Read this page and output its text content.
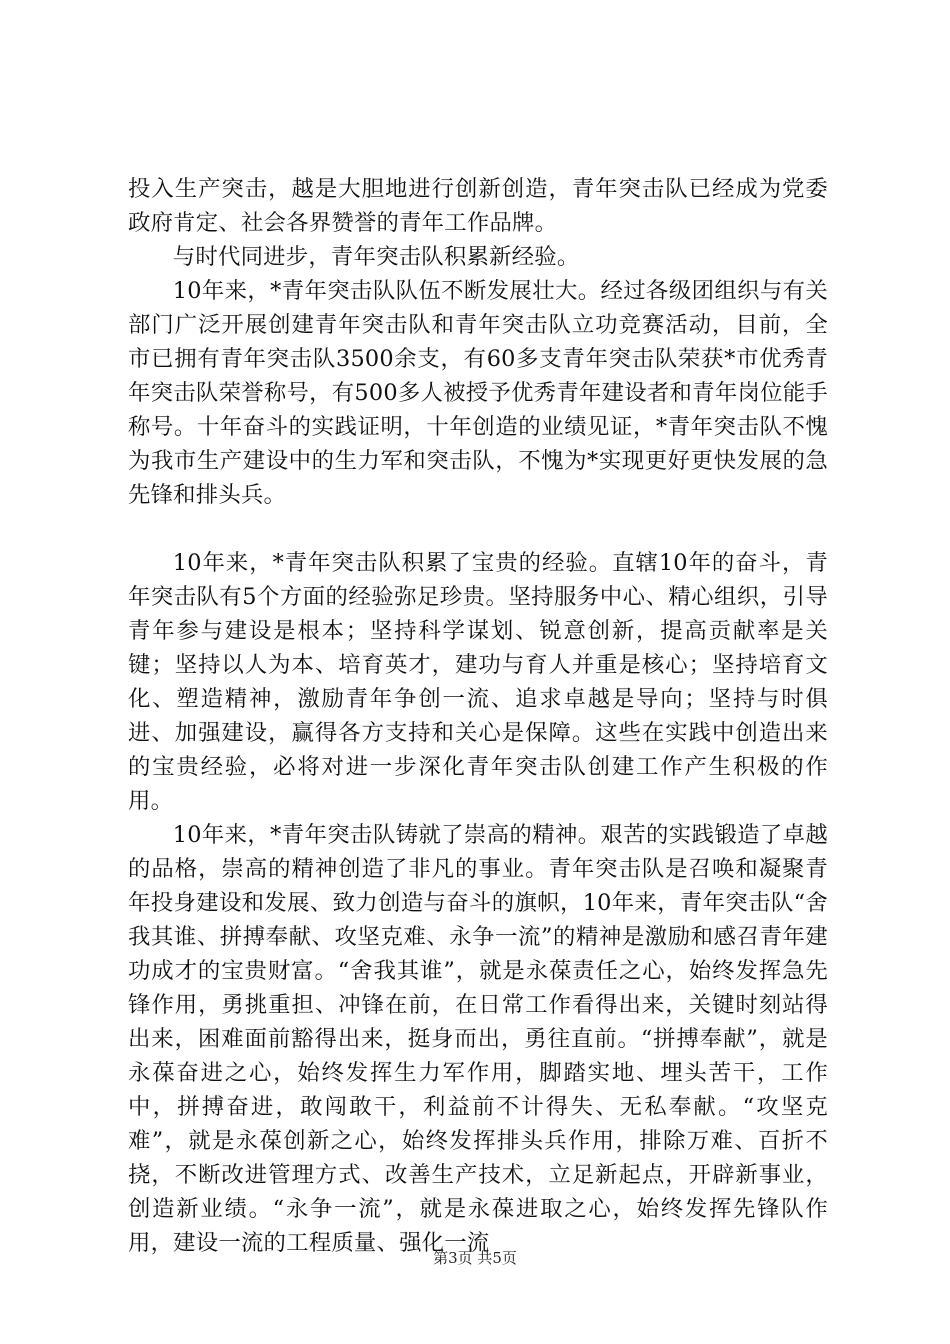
投入生产突击，越是大胆地进行创新创造，青年突击队已经成为党委政府肯定、社会各界赞誉的青年工作品牌。

与时代同进步，青年突击队积累新经验。

10年来，*青年突击队队伍不断发展壮大。经过各级团组织与有关部门广泛开展创建青年突击队和青年突击队立功竞赛活动，目前，全市已拥有青年突击队3500余支，有60多支青年突击队荣获*市优秀青年突击队荣誉称号，有500多人被授予优秀青年建设者和青年岗位能手称号。十年奋斗的实践证明，十年创造的业绩见证，*青年突击队不愧为我市生产建设中的生力军和突击队，不愧为*实现更好更快发展的急先锋和排头兵。

10年来，*青年突击队积累了宝贵的经验。直辖10年的奋斗，青年突击队有5个方面的经验弥足珍贵。坚持服务中心、精心组织，引导青年参与建设是根本；坚持科学谋划、锐意创新，提高贡献率是关键；坚持以人为本、培育英才，建功与育人并重是核心；坚持培育文化、塑造精神，激励青年争创一流、追求卓越是导向；坚持与时俱进、加强建设，赢得各方支持和关心是保障。这些在实践中创造出来的宝贵经验，必将对进一步深化青年突击队创建工作产生积极的作用。

10年来，*青年突击队铸就了崇高的精神。艰苦的实践锻造了卓越的品格，崇高的精神创造了非凡的事业。青年突击队是召唤和凝聚青年投身建设和发展、致力创造与奋斗的旗帜，10年来，青年突击队“舍我其谁、拼搏奉献、攻坚克难、永争一流”的精神是激励和感召青年建功成才的宝贵财富。“舍我其谁”，就是永葆责任之心，始终发挥急先锋作用，勇挑重担、冲锋在前，在日常工作看得出来，关键时刻站得出来，困难面前豁得出来，挺身而出，勇往直前。“拼搏奉献”，就是永葆奋进之心，始终发挥生力军作用，脚踏实地、埋头苦干，工作中，拼搏奋进，敢闯敢干，利益前不计得失、无私奉献。“攻坚克难”，就是永葆创新之心，始终发挥排头兵作用，排除万难、百折不挠，不断改进管理方式、改善生产技术，立足新起点，开辟新事业，创造新业绩。“永争一流”，就是永葆进取之心，始终发挥先锋队作用，建设一流的工程质量、强化一流

第3页 共5页
